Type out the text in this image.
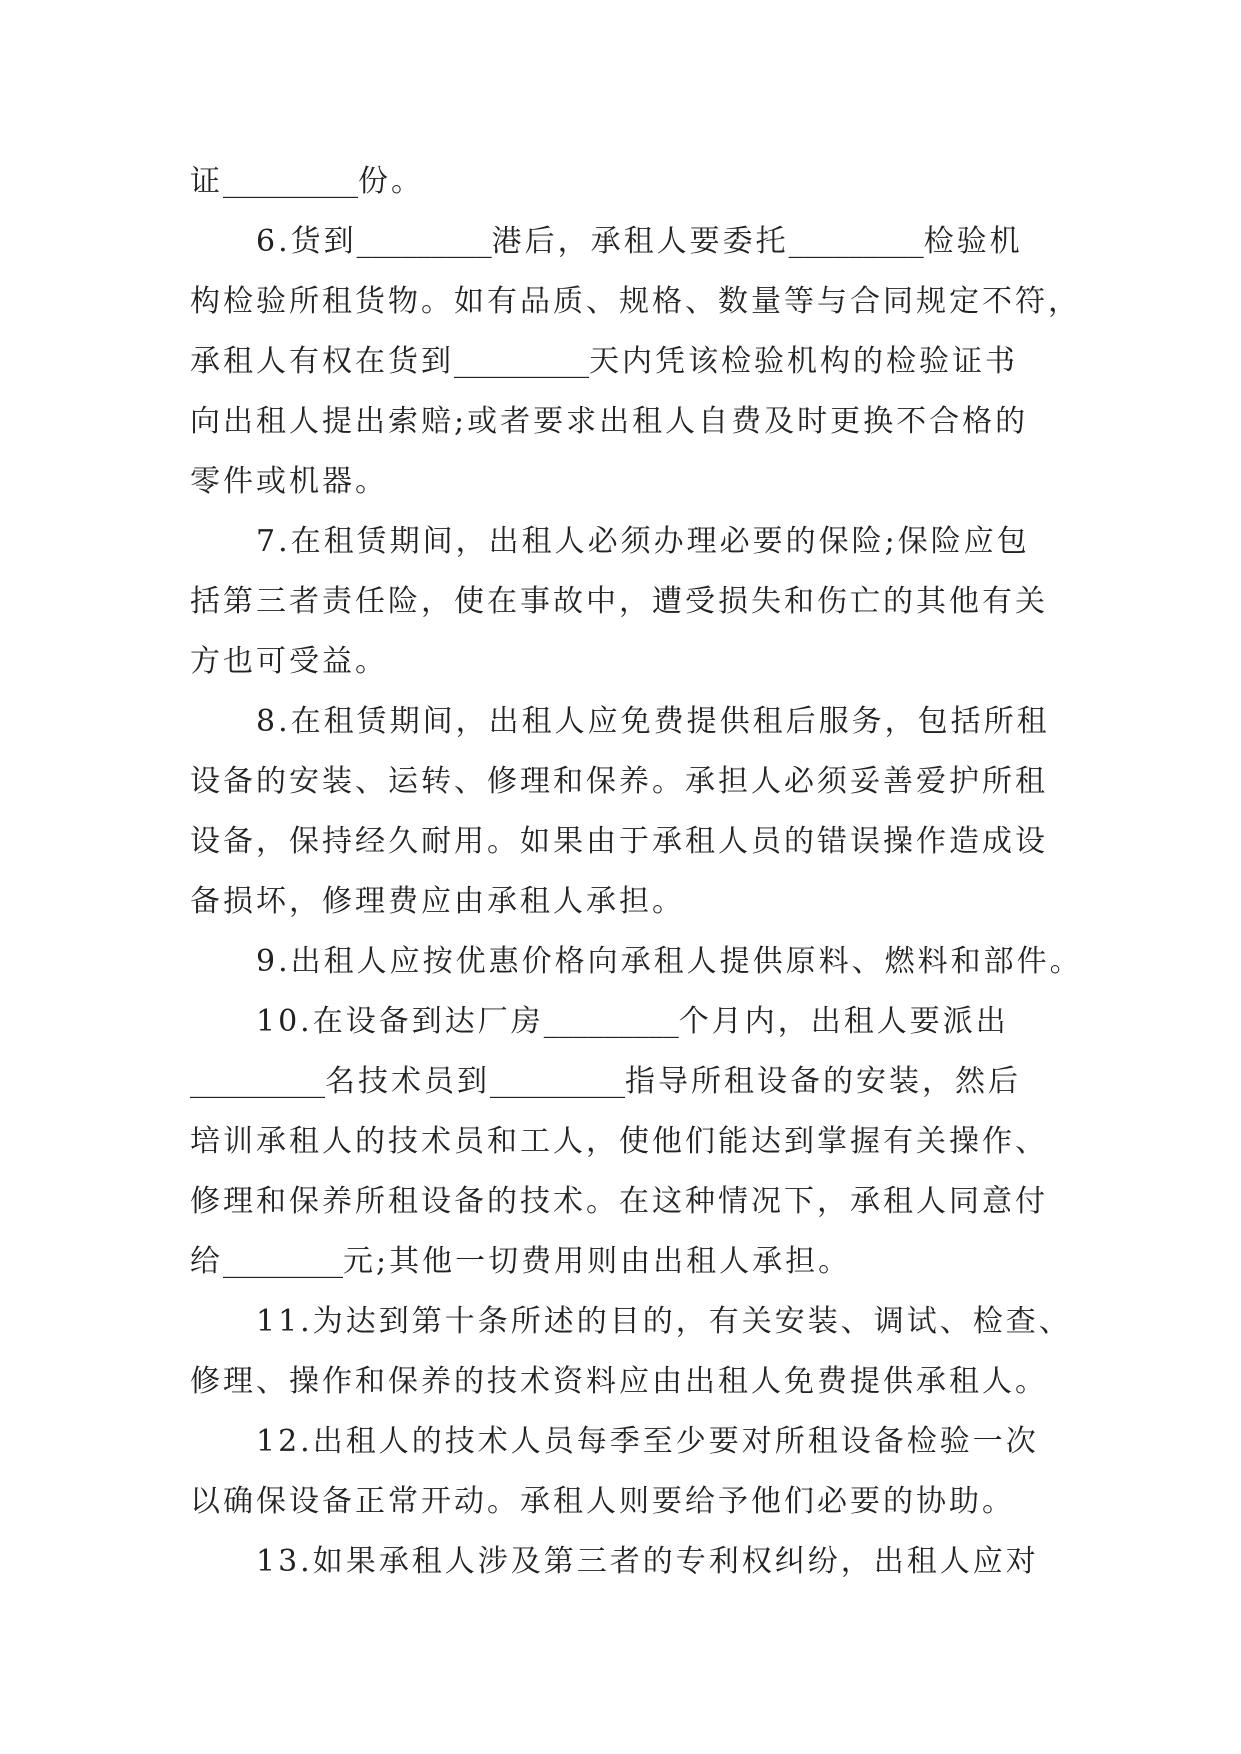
证_________份。
6.货到_________港后，承租人要委托_________检验机
构检验所租货物。如有品质、规格、数量等与合同规定不符，
承租人有权在货到_________天内凭该检验机构的检验证书
向出租人提出索赔;或者要求出租人自费及时更换不合格的
零件或机器。
7.在租赁期间，出租人必须办理必要的保险;保险应包
括第三者责任险，使在事故中，遭受损失和伤亡的其他有关
方也可受益。
8.在租赁期间，出租人应免费提供租后服务，包括所租
设备的安装、运转、修理和保养。承担人必须妥善爱护所租
设备，保持经久耐用。如果由于承租人员的错误操作造成设
备损坏，修理费应由承租人承担。
9.出租人应按优惠价格向承租人提供原料、燃料和部件。
10.在设备到达厂房_________个月内，出租人要派出
_________名技术员到_________指导所租设备的安装，然后
培训承租人的技术员和工人，使他们能达到掌握有关操作、
修理和保养所租设备的技术。在这种情况下，承租人同意付
给________元;其他一切费用则由出租人承担。
11.为达到第十条所述的目的，有关安装、调试、检查、
修理、操作和保养的技术资料应由出租人免费提供承租人。
12.出租人的技术人员每季至少要对所租设备检验一次
以确保设备正常开动。承租人则要给予他们必要的协助。
13.如果承租人涉及第三者的专利权纠纷，出租人应对
